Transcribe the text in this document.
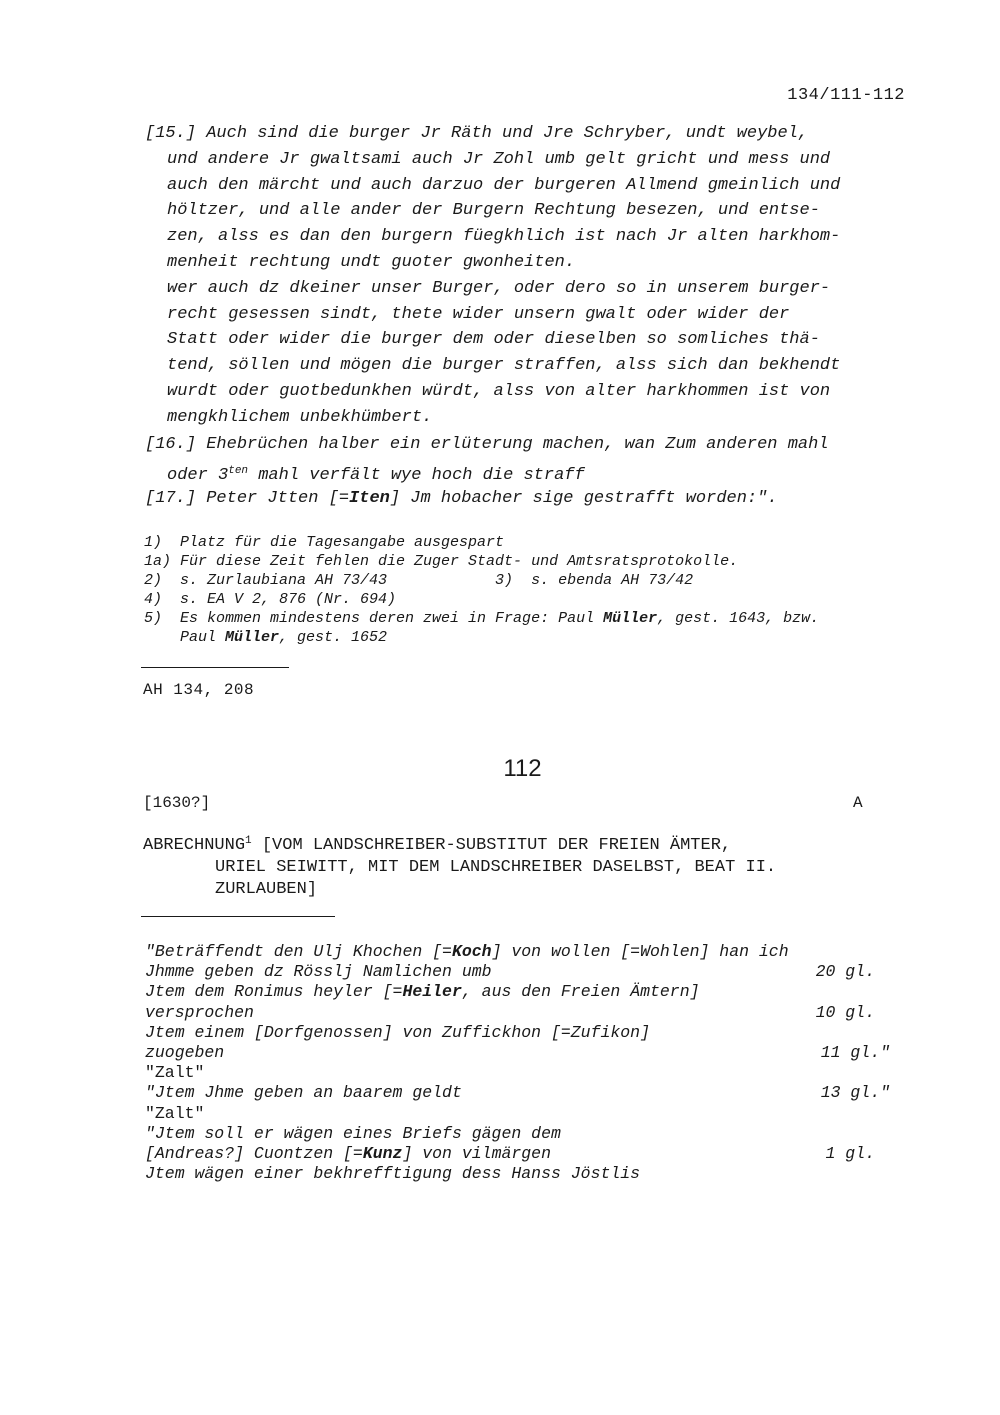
134/111-112
[15.] Auch sind die burger Jr Räth und Jre Schryber, undt weybel,
und andere Jr gwaltsami auch Jr Zohl umb gelt gricht und mess und
auch den märcht und auch darzuo der burgeren Allmend gmeinlich und
höltzer, und alle ander der Burgern Rechtung besezen, und entse-
zen, alss es dan den burgern füegkhlich ist nach Jr alten harkhom-
menheit rechtung undt guoter gwonheiten.
wer auch dz dkeiner unser Burger, oder dero so in unserem burger-
recht gesessen sindt, thete wider unsern gwalt oder wider der
Statt oder wider die burger dem oder dieselben so somliches thä-
tend, söllen und mögen die burger straffen, alss sich dan bekhendt
wurdt oder guotbedunkhen würdt, alss von alter harkhommen ist von
mengkhlichem unbekhümbert.
[16.] Ehebrüchen halber ein erlüterung machen, wan Zum anderen mahl
oder $3^{ten}$ mahl verfält wye hoch die straff
[17.] Peter Jtten [=Iten] Jm hobacher sige gestrafft worden:".
1)  Platz für die Tagesangabe ausgespart
1a) Für diese Zeit fehlen die Zuger Stadt- und Amtsratsprotokolle.
2)  s. Zurlaubiana AH 73/43            3)  s. ebenda AH 73/42
4)  s. EA V 2, 876 (Nr. 694)
5)  Es kommen mindestens deren zwei in Frage: Paul Müller, gest. 1643, bzw.
Paul Müller, gest. 1652
AH 134, 208
112
[1630?]	A
ABRECHNUNG$^1$ [VOM LANDSCHREIBER-SUBSTITUT DER FREIEN ÄMTER,
URIEL SEIWITT, MIT DEM LANDSCHREIBER DASELBST, BEAT II.
ZURLAUBEN]
"Beträffendt den Ulj Khochen [=Koch] von wollen [=Wohlen] han ich
Jhmme geben dz Rösslj Namlichen umb	20 gl.
Jtem dem Ronimus heyler [=Heiler, aus den Freien Ämtern]
versprochen	10 gl.
Jtem einem [Dorfgenossen] von Zuffickhon [=Zufikon]
zuogeben	11 gl."
"Zalt"
"Jtem Jhme geben an baarem geldt	13 gl."
"Zalt"
"Jtem soll er wägen eines Briefs gägen dem
[Andreas?] Cuontzen [=Kunz] von vilmärgen	1 gl.
Jtem wägen einer bekhrefftigung dess Hanss Jöstlis
